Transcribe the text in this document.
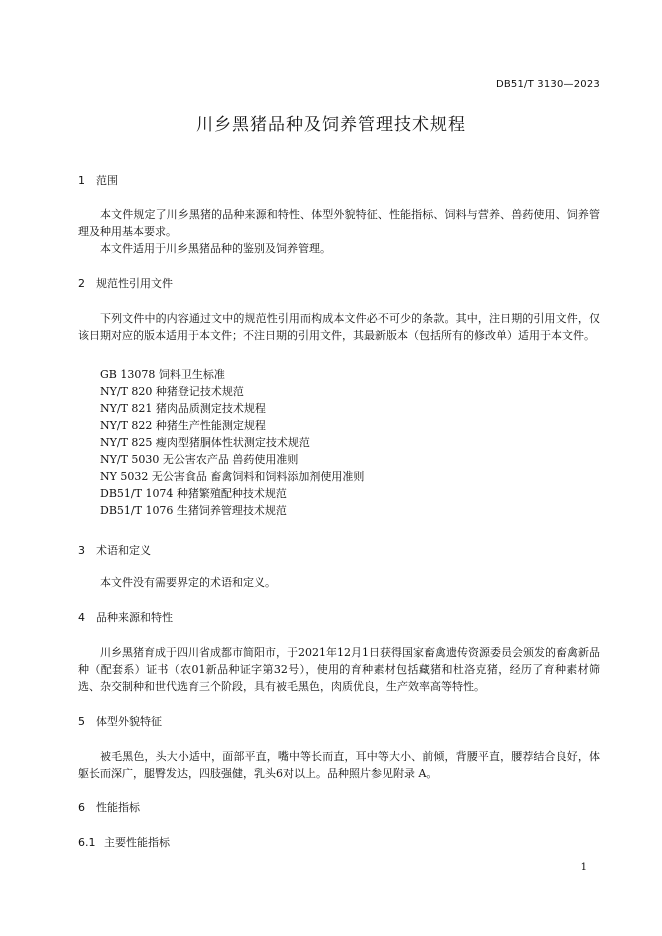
DB51/T 3130—2023
川乡黑猪品种及饲养管理技术规程
1 范围
本文件规定了川乡黑猪的品种来源和特性、体型外貌特征、性能指标、饲料与营养、兽药使用、饲养管理及种用基本要求。
本文件适用于川乡黑猪品种的鉴别及饲养管理。
2 规范性引用文件
下列文件中的内容通过文中的规范性引用而构成本文件必不可少的条款。其中，注日期的引用文件，仅该日期对应的版本适用于本文件；不注日期的引用文件，其最新版本（包括所有的修改单）适用于本文件。
GB 13078 饲料卫生标准
NY/T 820 种猪登记技术规范
NY/T 821 猪肉品质测定技术规程
NY/T 822 种猪生产性能测定规程
NY/T 825 瘦肉型猪胴体性状测定技术规范
NY/T 5030 无公害农产品 兽药使用准则
NY 5032 无公害食品 畜禽饲料和饲料添加剂使用准则
DB51/T 1074 种猪繁殖配种技术规范
DB51/T 1076 生猪饲养管理技术规范
3 术语和定义
本文件没有需要界定的术语和定义。
4 品种来源和特性
川乡黑猪育成于四川省成都市简阳市，于2021年12月1日获得国家畜禽遗传资源委员会颁发的畜禽新品种（配套系）证书（农01新品种证字第32号），使用的育种素材包括藏猪和杜洛克猪，经历了育种素材筛选、杂交制种和世代选育三个阶段，具有被毛黑色，肉质优良，生产效率高等特性。
5 体型外貌特征
被毛黑色，头大小适中，面部平直，嘴中等长而直，耳中等大小、前倾，背腰平直，腰荐结合良好，体躯长而深广，腿臀发达，四肢强健，乳头6对以上。品种照片参见附录 A。
6 性能指标
6.1 主要性能指标
1
